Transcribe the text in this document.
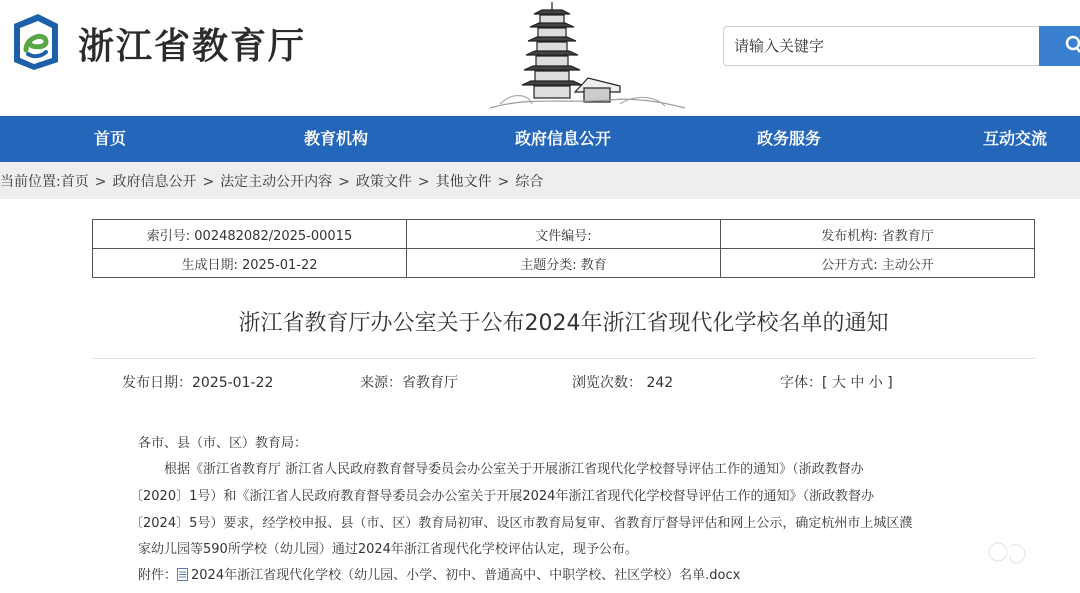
浙江省教育厅
请输入关键字
首页	教育机构	政府信息公开	政务服务	互动交流
当前位置:首页 > 政府信息公开 > 法定主动公开内容 > 政策文件 > 其他文件 > 综合
索引号: 002482082/2025-00015	文件编号:	发布机构: 省教育厅
生成日期: 2025-01-22	主题分类: 教育	公开方式: 主动公开
浙江省教育厅办公室关于公布2024年浙江省现代化学校名单的通知
发布日期：2025-01-22	来源：省教育厅	浏览次数： 242	字体：[ 大 中 小 ]
各市、县（市、区）教育局：
根据《浙江省教育厅 浙江省人民政府教育督导委员会办公室关于开展浙江省现代化学校督导评估工作的通知》（浙政教督办
〔2020〕1号）和《浙江省人民政府教育督导委员会办公室关于开展2024年浙江省现代化学校督导评估工作的通知》（浙政教督办
〔2024〕5号）要求，经学校申报、县（市、区）教育局初审、设区市教育局复审、省教育厅督导评估和网上公示，确定杭州市上城区濮
家幼儿园等590所学校（幼儿园）通过2024年浙江省现代化学校评估认定，现予公布。
附件： 2024年浙江省现代化学校（幼儿园、小学、初中、普通高中、中职学校、社区学校）名单.docx
